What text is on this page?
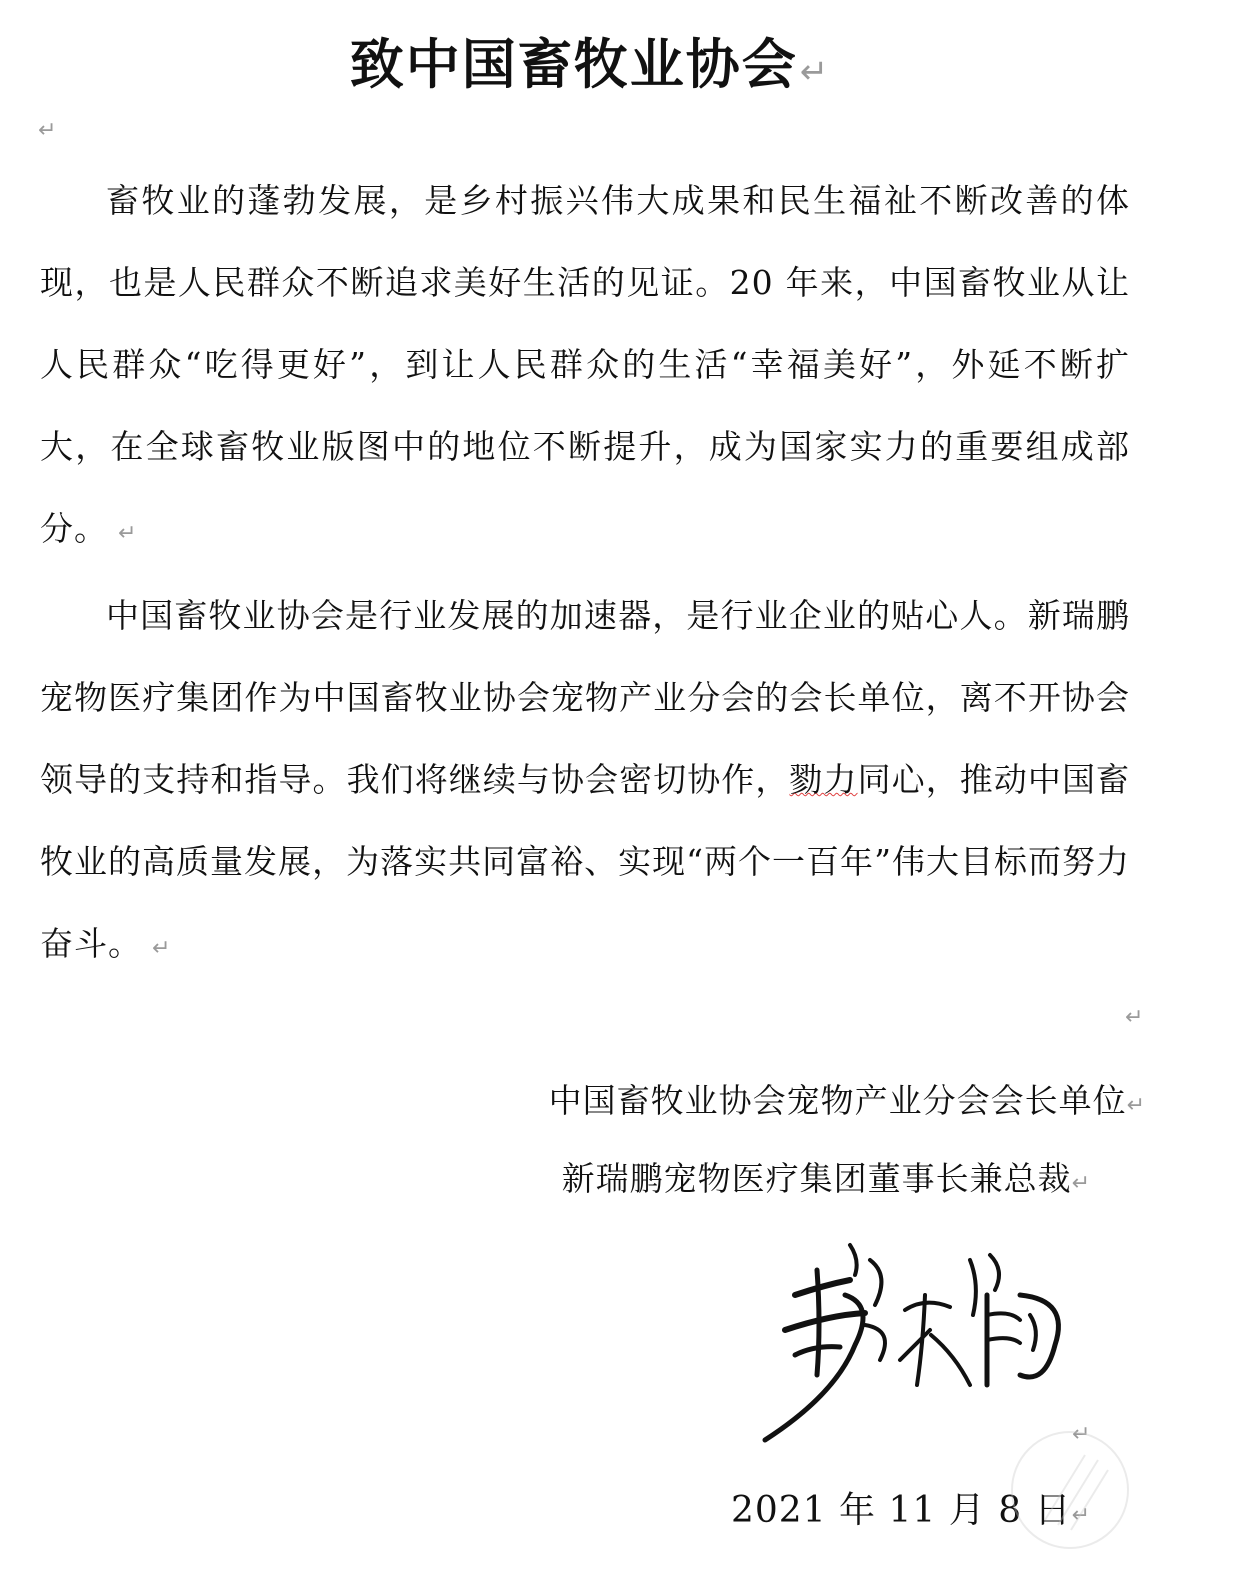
致中国畜牧业协会↵
↵

畜牧业的蓬勃发展，是乡村振兴伟大成果和民生福祉不断改善的体现，也是人民群众不断追求美好生活的见证。20 年来，中国畜牧业从让人民群众“吃得更好”，到让人民群众的生活“幸福美好”，外延不断扩大，在全球畜牧业版图中的地位不断提升，成为国家实力的重要组成部分。 ↵

中国畜牧业协会是行业发展的加速器，是行业企业的贴心人。新瑞鹏宠物医疗集团作为中国畜牧业协会宠物产业分会的会长单位，离不开协会领导的支持和指导。我们将继续与协会密切协作，勠力同心，推动中国畜牧业的高质量发展，为落实共同富裕、实现“两个一百年”伟大目标而努力奋斗。 ↵

↵
中国畜牧业协会宠物产业分会会长单位↵
新瑞鹏宠物医疗集团董事长兼总裁↵
↵
2021 年 11 月 8 日↵
